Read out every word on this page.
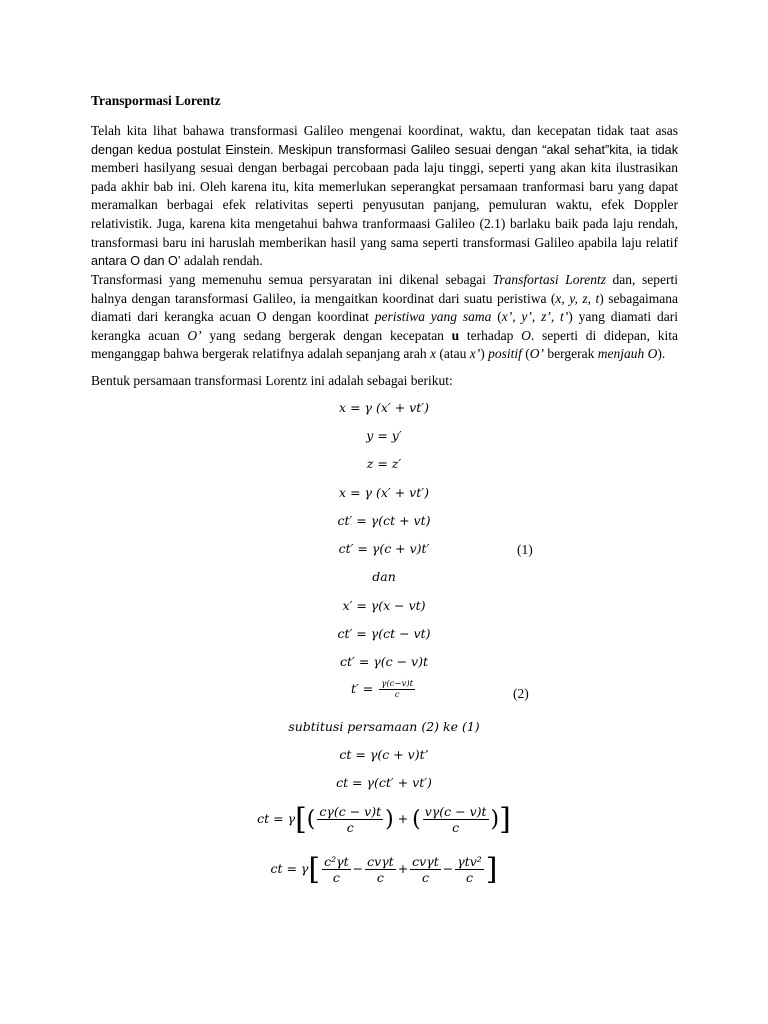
Transpormasi Lorentz
Telah kita lihat bahawa transformasi Galileo mengenai koordinat, waktu, dan kecepatan tidak taat asas dengan kedua postulat Einstein. Meskipun transformasi Galileo sesuai dengan “akal sehat”kita, ia tidak memberi hasilyang sesuai dengan berbagai percobaan pada laju tinggi, seperti yang akan kita ilustrasikan pada akhir bab ini. Oleh karena itu, kita memerlukan seperangkat persamaan tranformasi baru yang dapat meramalkan berbagai efek relativitas seperti penyusutan panjang, pemuluran waktu, efek Doppler relativistik. Juga, karena kita mengetahui bahwa tranformaasi Galileo (2.1) barlaku baik pada laju rendah, transformasi baru ini haruslah memberikan hasil yang sama seperti transformasi Galileo apabila laju relatif antara O dan O’ adalah rendah.
Transformasi yang memenuhu semua persyaratan ini dikenal sebagai Transfortasi Lorentz dan, seperti halnya dengan taransformasi Galileo, ia mengaitkan koordinat dari suatu peristiwa (x, y, z, t) sebagaimana diamati dari kerangka acuan O dengan koordinat peristiwa yang sama (x’, y’, z’, t’) yang diamati dari kerangka acuan O’ yang sedang bergerak dengan kecepatan u terhadap O. seperti di didepan, kita menganggap bahwa bergerak relatifnya adalah sepanjang arah x (atau x’) positif (O’ bergerak menjauh O).
Bentuk persamaan transformasi Lorentz ini adalah sebagai berikut:
x = γ (x′ + vt′)
y = y′
z = z′
x = γ (x′ + vt′)
ct′ = γ(ct + vt)
ct′ = γ(c + v)t′	(1)
dan
x′ = γ(x − vt)
ct′ = γ(ct − vt)
ct′ = γ(c − v)t
$t' = \frac{\gamma(c-v)t}{c}$	(2)
subtitusi persamaan (2) ke (1)
ct = γ(c + v)t’
ct = γ(ct′ + vt′)
ct = $\gamma[( \frac{c\gamma(c - v)t}{c}$ ) + ( $\frac{v\gamma(c - v)t}{c}$ )]
ct = $\gamma[ \frac{\text{c²γt}}{c} - \frac{\text{cvγt}}{c} + \frac{\text{cvγt}}{c} - \frac{\text{γtv²}}{c}$ ]
